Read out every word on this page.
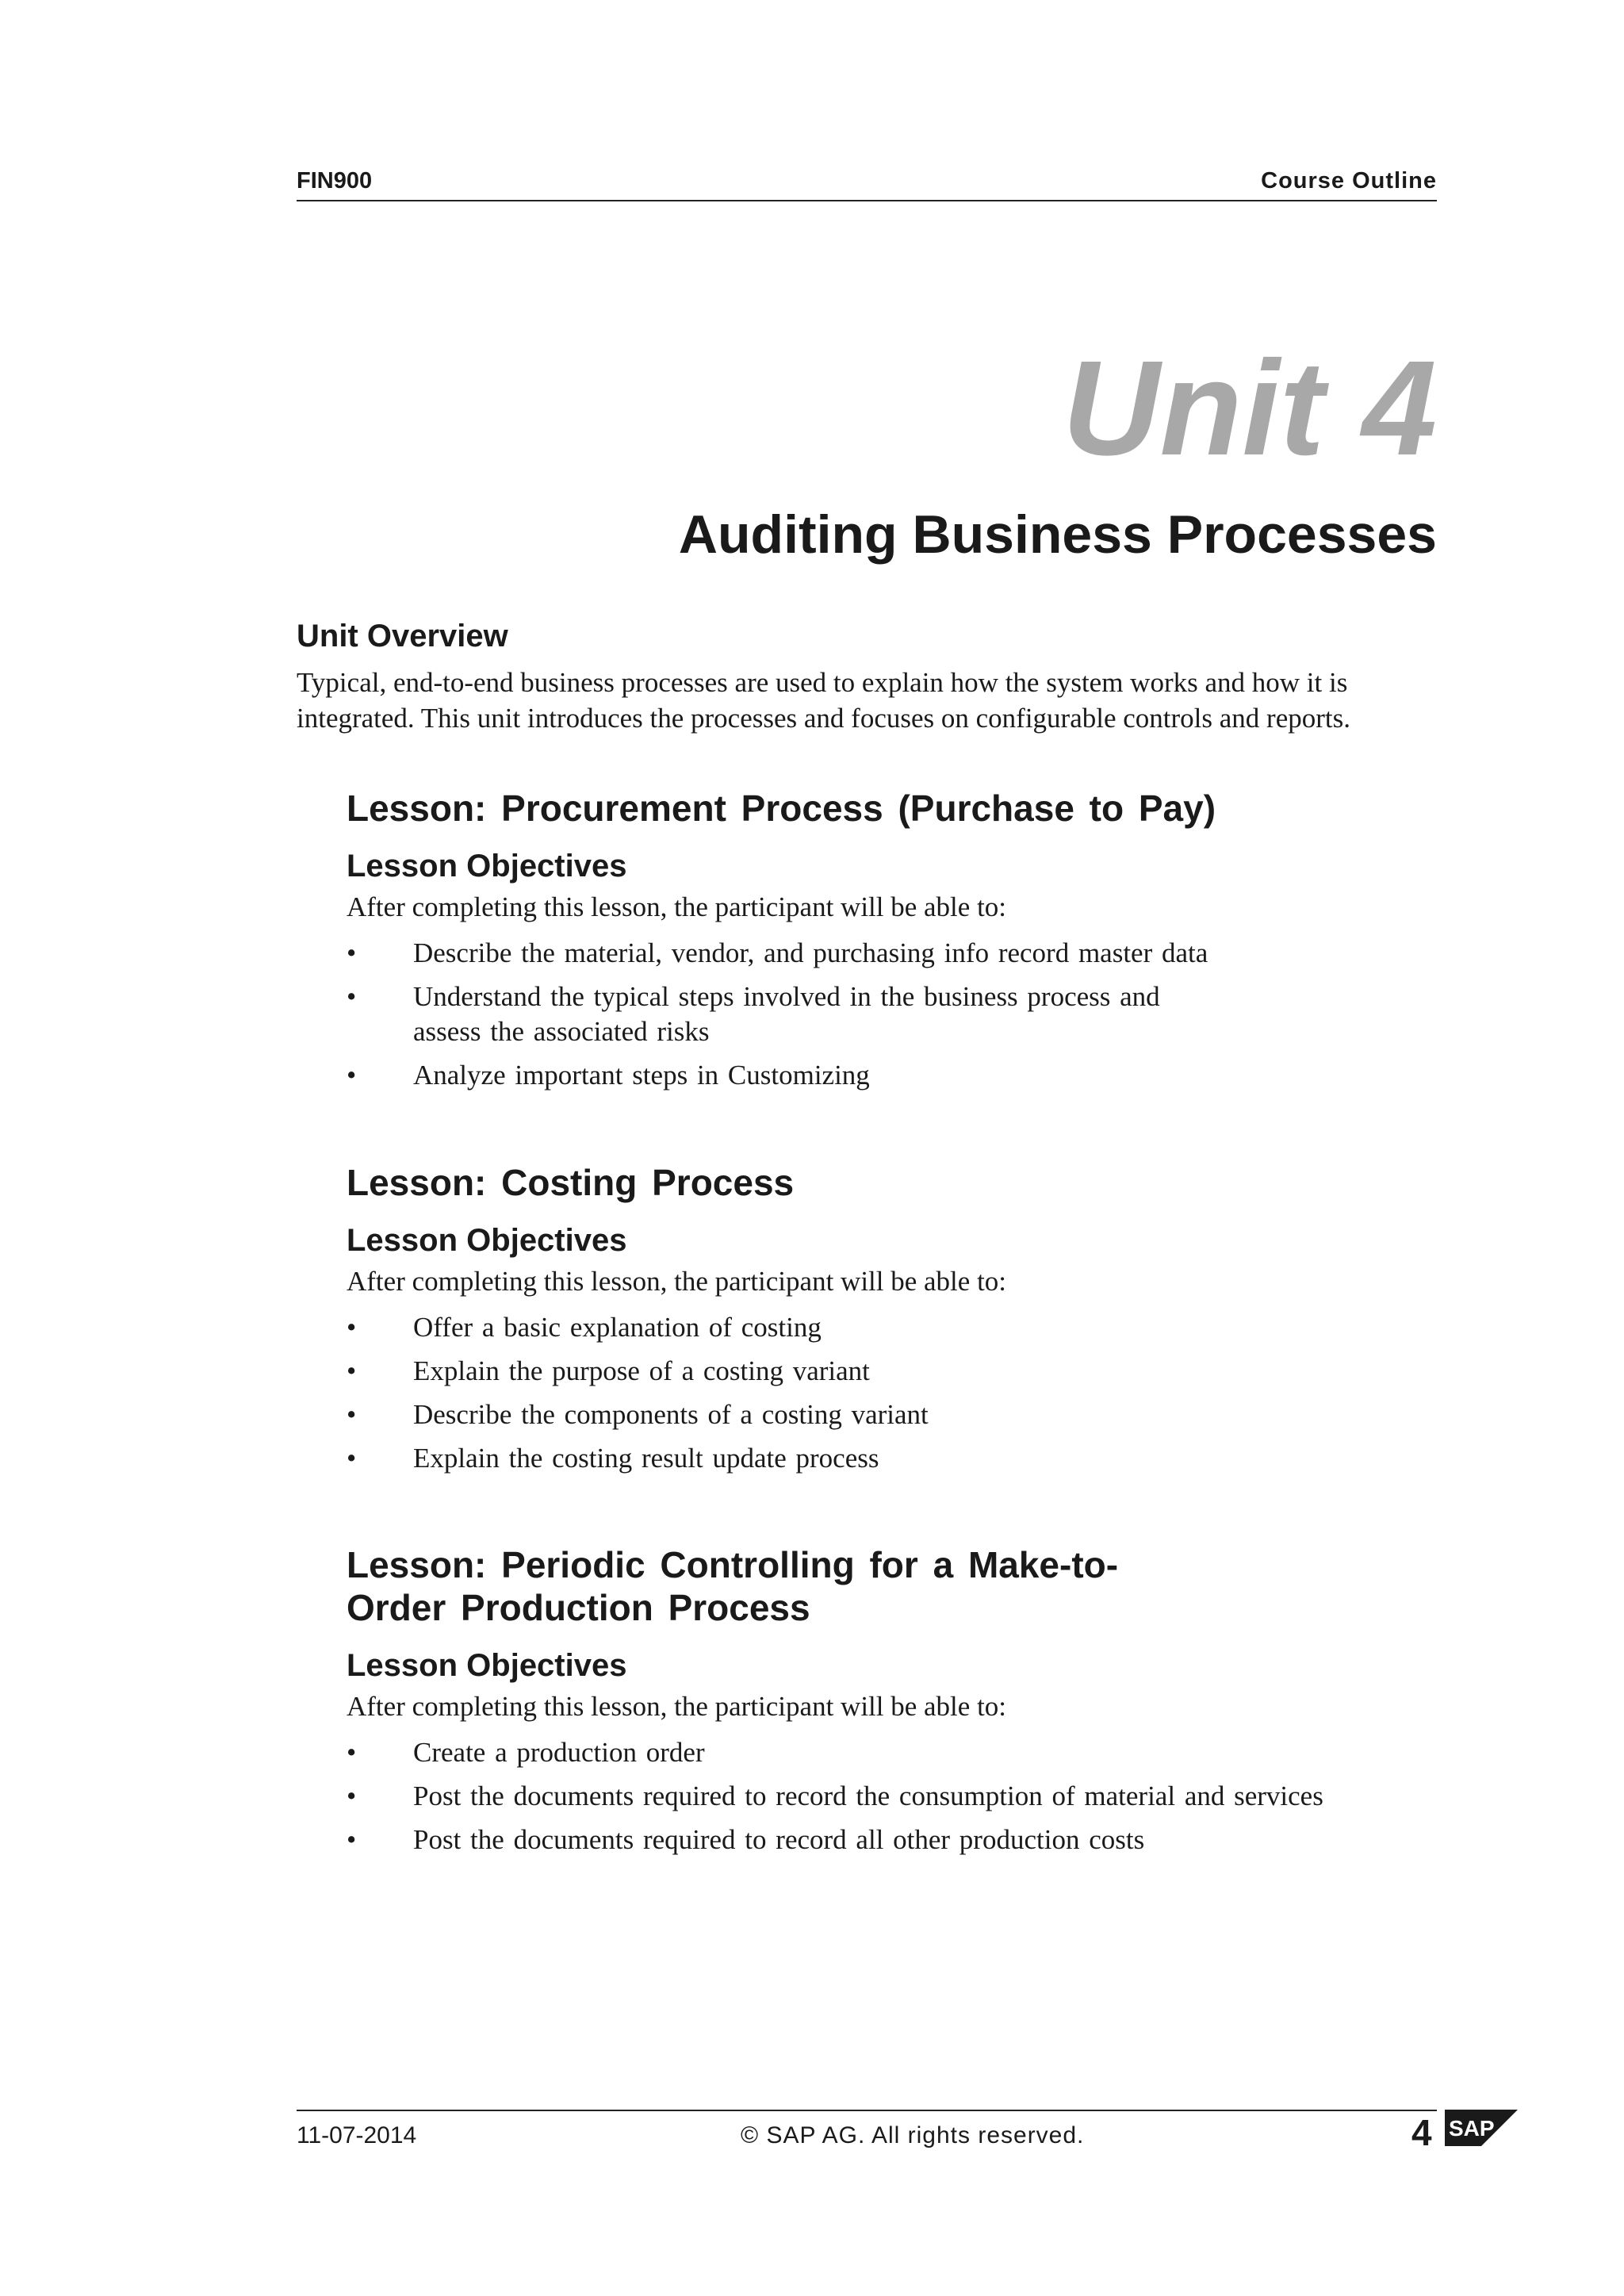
FIN900	Course Outline
Unit 4
Auditing Business Processes
Unit Overview
Typical, end-to-end business processes are used to explain how the system works and how it is integrated. This unit introduces the processes and focuses on configurable controls and reports.
Lesson: Procurement Process (Purchase to Pay)
Lesson Objectives
After completing this lesson, the participant will be able to:
• Describe the material, vendor, and purchasing info record master data
• Understand the typical steps involved in the business process and assess the associated risks
• Analyze important steps in Customizing
Lesson: Costing Process
Lesson Objectives
After completing this lesson, the participant will be able to:
• Offer a basic explanation of costing
• Explain the purpose of a costing variant
• Describe the components of a costing variant
• Explain the costing result update process
Lesson: Periodic Controlling for a Make-to-Order Production Process
Lesson Objectives
After completing this lesson, the participant will be able to:
• Create a production order
• Post the documents required to record the consumption of material and services
• Post the documents required to record all other production costs
11-07-2014	© SAP AG. All rights reserved.	4 SAP
